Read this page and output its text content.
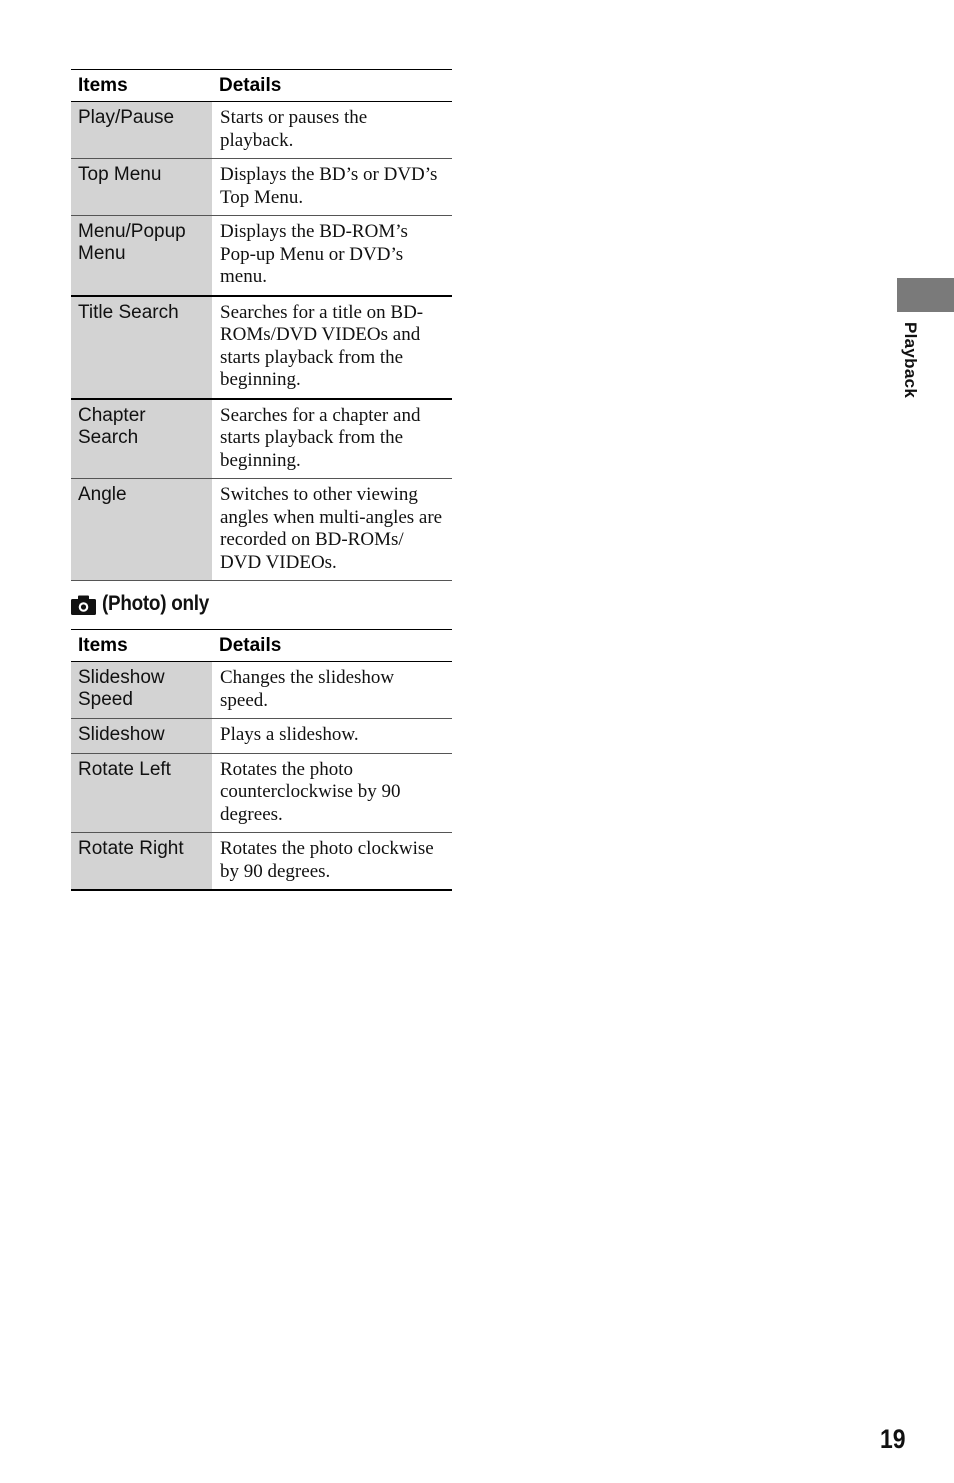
Items	Details
Play/Pause	Starts or pauses the playback.
Top Menu	Displays the BD’s or DVD’s Top Menu.
Menu/Popup Menu	Displays the BD-ROM’s Pop-up Menu or DVD’s menu.
Title Search	Searches for a title on BD-ROMs/DVD VIDEOs and starts playback from the beginning.
Chapter Search	Searches for a chapter and starts playback from the beginning.
Angle	Switches to other viewing angles when multi-angles are recorded on BD-ROMs/ DVD VIDEOs.
(Photo) only
Items	Details
Slideshow Speed	Changes the slideshow speed.
Slideshow	Plays a slideshow.
Rotate Left	Rotates the photo counterclockwise by 90 degrees.
Rotate Right	Rotates the photo clockwise by 90 degrees.
Playback
19
